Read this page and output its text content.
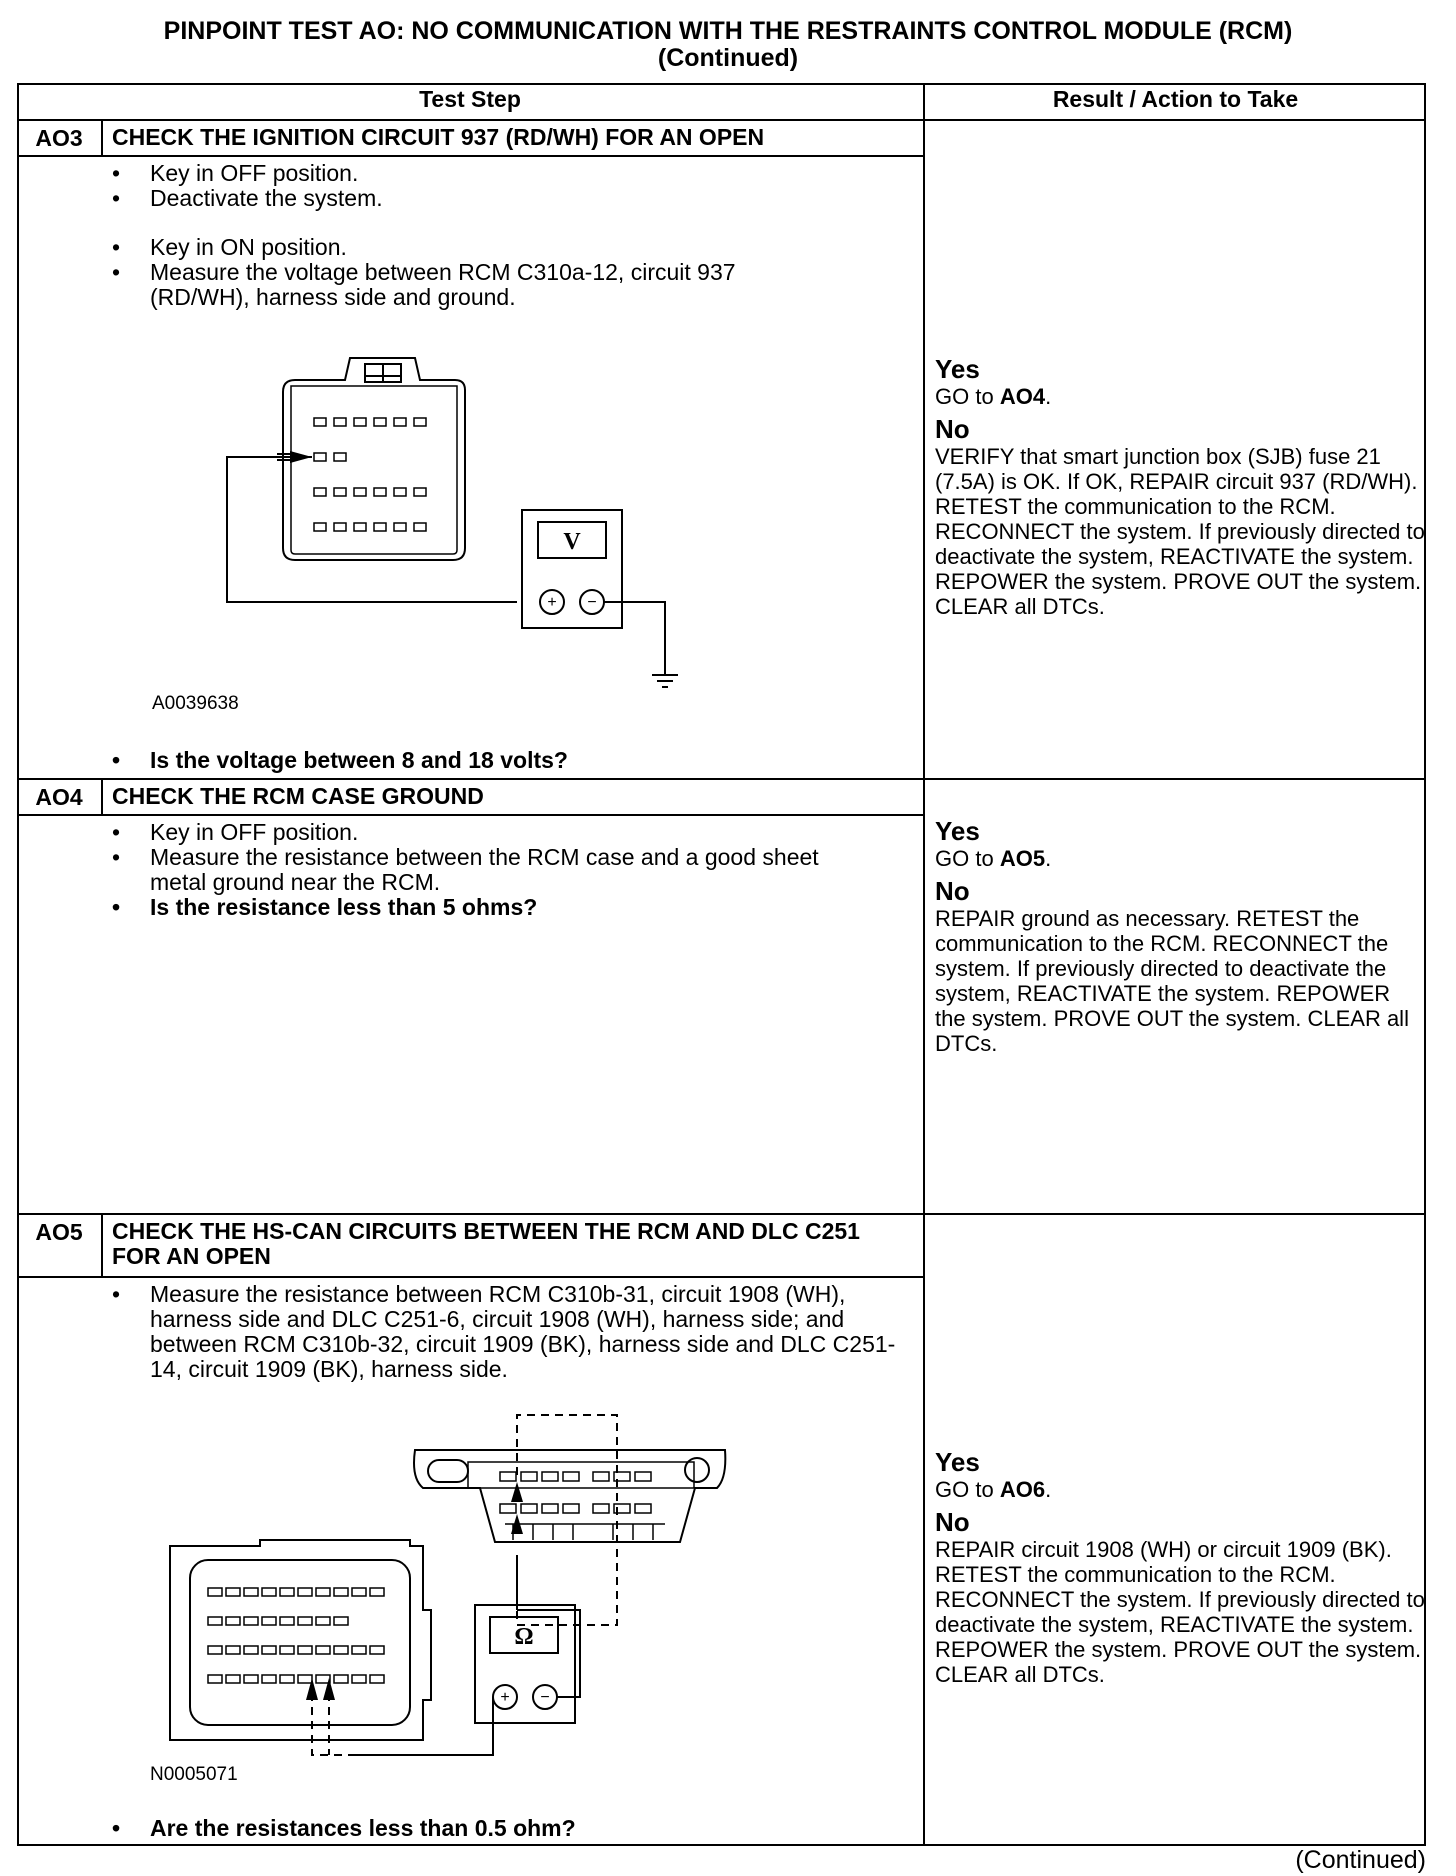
PINPOINT TEST AO: NO COMMUNICATION WITH THE RESTRAINTS CONTROL MODULE (RCM)
(Continued)
Test Step	Result / Action to Take
AO3	CHECK THE IGNITION CIRCUIT 937 (RD/WH) FOR AN OPEN
• Key in OFF position.
• Deactivate the system.
• Key in ON position.
• Measure the voltage between RCM C310a-12, circuit 937 (RD/WH), harness side and ground.
+ −
V
A0039638
• Is the voltage between 8 and 18 volts?
Yes

GO to AO4.

No

VERIFY that smart junction box (SJB) fuse 21 (7.5A) is OK. If OK, REPAIR circuit 937 (RD/WH). RETEST the communication to the RCM. RECONNECT the system. If previously directed to deactivate the system, REACTIVATE the system. REPOWER the system. PROVE OUT the system. CLEAR all DTCs.

AO4	CHECK THE RCM CASE GROUND
• Key in OFF position.
• Measure the resistance between the RCM case and a good sheet metal ground near the RCM.
• Is the resistance less than 5 ohms?
Yes

GO to AO5.

No

REPAIR ground as necessary. RETEST the communication to the RCM. RECONNECT the system. If previously directed to deactivate the system, REACTIVATE the system. REPOWER the system. PROVE OUT the system. CLEAR all DTCs.

AO5	CHECK THE HS-CAN CIRCUITS BETWEEN THE RCM AND DLC C251 FOR AN OPEN
• Measure the resistance between RCM C310b-31, circuit 1908 (WH), harness side and DLC C251-6, circuit 1908 (WH), harness side; and between RCM C310b-32, circuit 1909 (BK), harness side and DLC C251-14, circuit 1909 (BK), harness side.
+ −
Ω
N0005071
• Are the resistances less than 0.5 ohm?
Yes

GO to AO6.

No

REPAIR circuit 1908 (WH) or circuit 1909 (BK). RETEST the communication to the RCM. RECONNECT the system. If previously directed to deactivate the system, REACTIVATE the system. REPOWER the system. PROVE OUT the system. CLEAR all DTCs.

(Continued)
